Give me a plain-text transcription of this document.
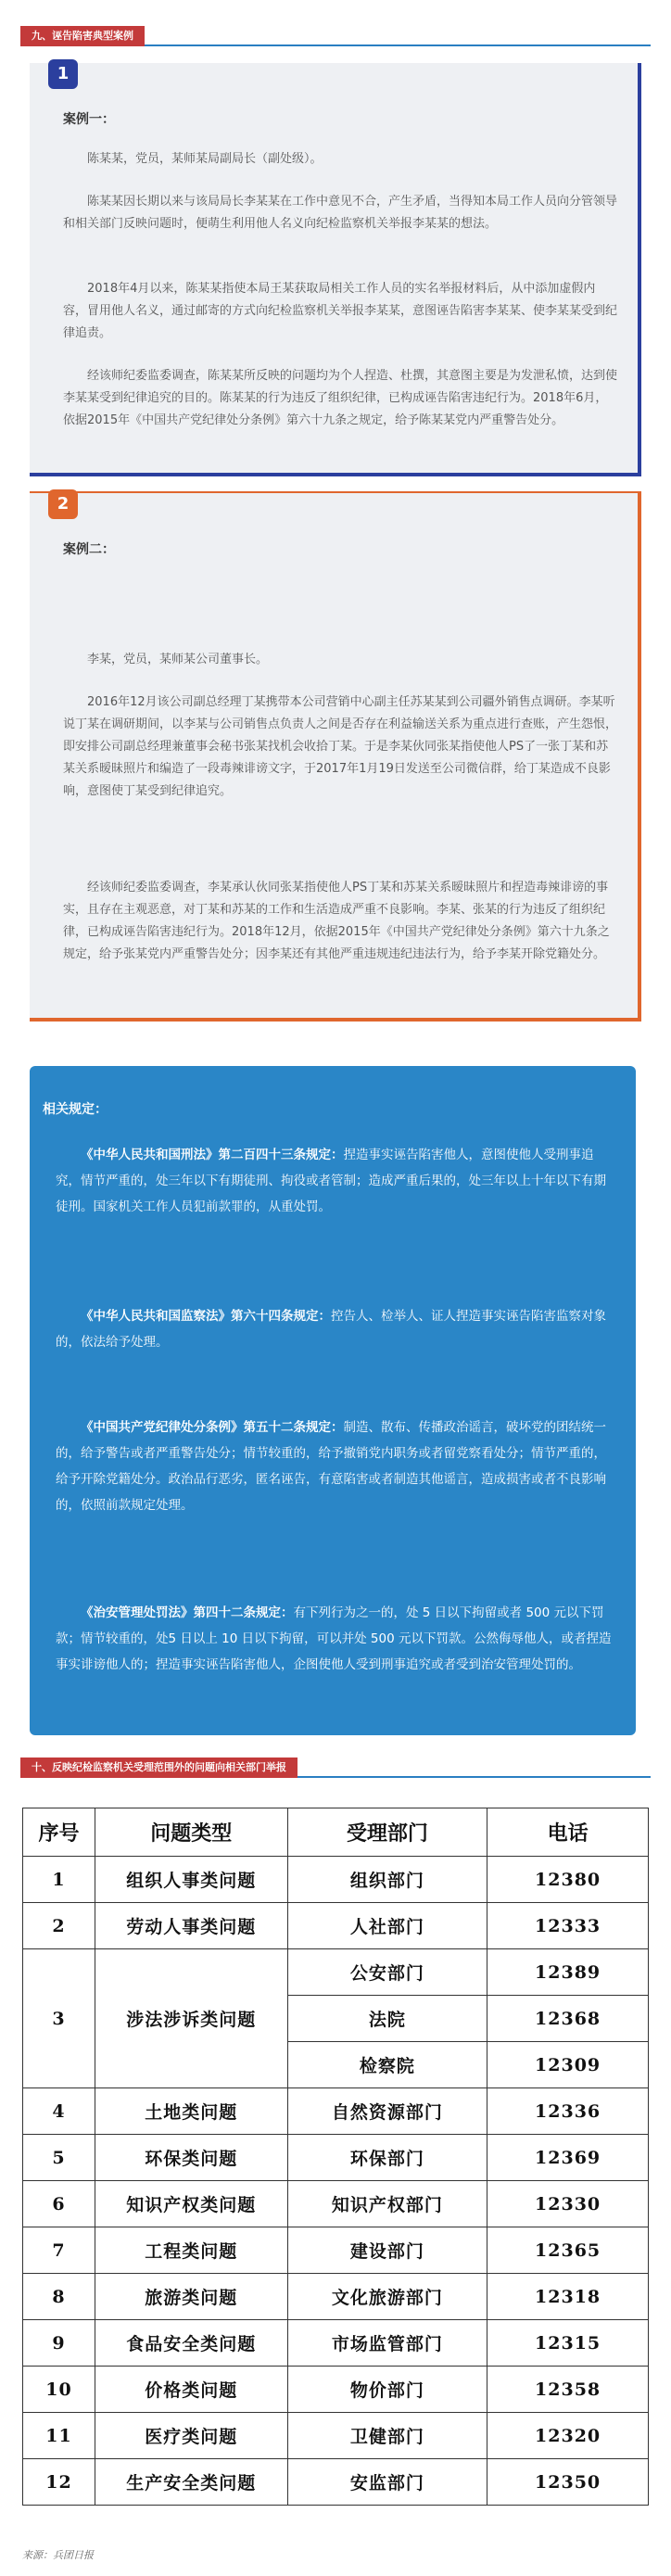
九、诬告陷害典型案例
1
案例一：

陈某某，党员，某师某局副局长（副处级）。

陈某某因长期以来与该局局长李某某在工作中意见不合，产生矛盾，当得知本局工作人员向分管领导和相关部门反映问题时，便萌生利用他人名义向纪检监察机关举报李某某的想法。

2018年4月以来，陈某某指使本局王某获取局相关工作人员的实名举报材料后，从中添加虚假内容，冒用他人名义，通过邮寄的方式向纪检监察机关举报李某某，意图诬告陷害李某某、使李某某受到纪律追责。

经该师纪委监委调查，陈某某所反映的问题均为个人捏造、杜撰，其意图主要是为发泄私愤，达到使李某某受到纪律追究的目的。陈某某的行为违反了组织纪律，已构成诬告陷害违纪行为。2018年6月，依据2015年《中国共产党纪律处分条例》第六十九条之规定，给予陈某某党内严重警告处分。

2
案例二：

李某，党员，某师某公司董事长。

2016年12月该公司副总经理丁某携带本公司营销中心副主任苏某某到公司疆外销售点调研。李某听说丁某在调研期间，以李某与公司销售点负责人之间是否存在利益输送关系为重点进行查账，产生怨恨，即安排公司副总经理兼董事会秘书张某找机会收拾丁某。于是李某伙同张某指使他人PS了一张丁某和苏某关系暧昧照片和编造了一段毒辣诽谤文字，于2017年1月19日发送至公司微信群，给丁某造成不良影响，意图使丁某受到纪律追究。

经该师纪委监委调查，李某承认伙同张某指使他人PS丁某和苏某关系暧昧照片和捏造毒辣诽谤的事实，且存在主观恶意，对丁某和苏某的工作和生活造成严重不良影响。李某、张某的行为违反了组织纪律，已构成诬告陷害违纪行为。2018年12月，依据2015年《中国共产党纪律处分条例》第六十九条之规定，给予张某党内严重警告处分；因李某还有其他严重违规违纪违法行为，给予李某开除党籍处分。

相关规定：

《中华人民共和国刑法》第二百四十三条规定：捏造事实诬告陷害他人，意图使他人受刑事追究，情节严重的，处三年以下有期徒刑、拘役或者管制；造成严重后果的，处三年以上十年以下有期徒刑。国家机关工作人员犯前款罪的，从重处罚。

《中华人民共和国监察法》第六十四条规定：控告人、检举人、证人捏造事实诬告陷害监察对象的，依法给予处理。

《中国共产党纪律处分条例》第五十二条规定：制造、散布、传播政治谣言，破坏党的团结统一的，给予警告或者严重警告处分；情节较重的，给予撤销党内职务或者留党察看处分；情节严重的，给予开除党籍处分。政治品行恶劣，匿名诬告，有意陷害或者制造其他谣言，造成损害或者不良影响的，依照前款规定处理。

《治安管理处罚法》第四十二条规定：有下列行为之一的，处 5 日以下拘留或者 500 元以下罚款；情节较重的，处5 日以上 10 日以下拘留，可以并处 500 元以下罚款。公然侮辱他人，或者捏造事实诽谤他人的；捏造事实诬告陷害他人，企图使他人受到刑事追究或者受到治安管理处罚的。

十、反映纪检监察机关受理范围外的问题向相关部门举报
序号	问题类型	受理部门	电话
1	组织人事类问题	组织部门	12380
2	劳动人事类问题	人社部门	12333
3	涉法涉诉类问题	公安部门	12389
		法院	12368
		检察院	12309
4	土地类问题	自然资源部门	12336
5	环保类问题	环保部门	12369
6	知识产权类问题	知识产权部门	12330
7	工程类问题	建设部门	12365
8	旅游类问题	文化旅游部门	12318
9	食品安全类问题	市场监管部门	12315
10	价格类问题	物价部门	12358
11	医疗类问题	卫健部门	12320
12	生产安全类问题	安监部门	12350
来源：兵团日报
